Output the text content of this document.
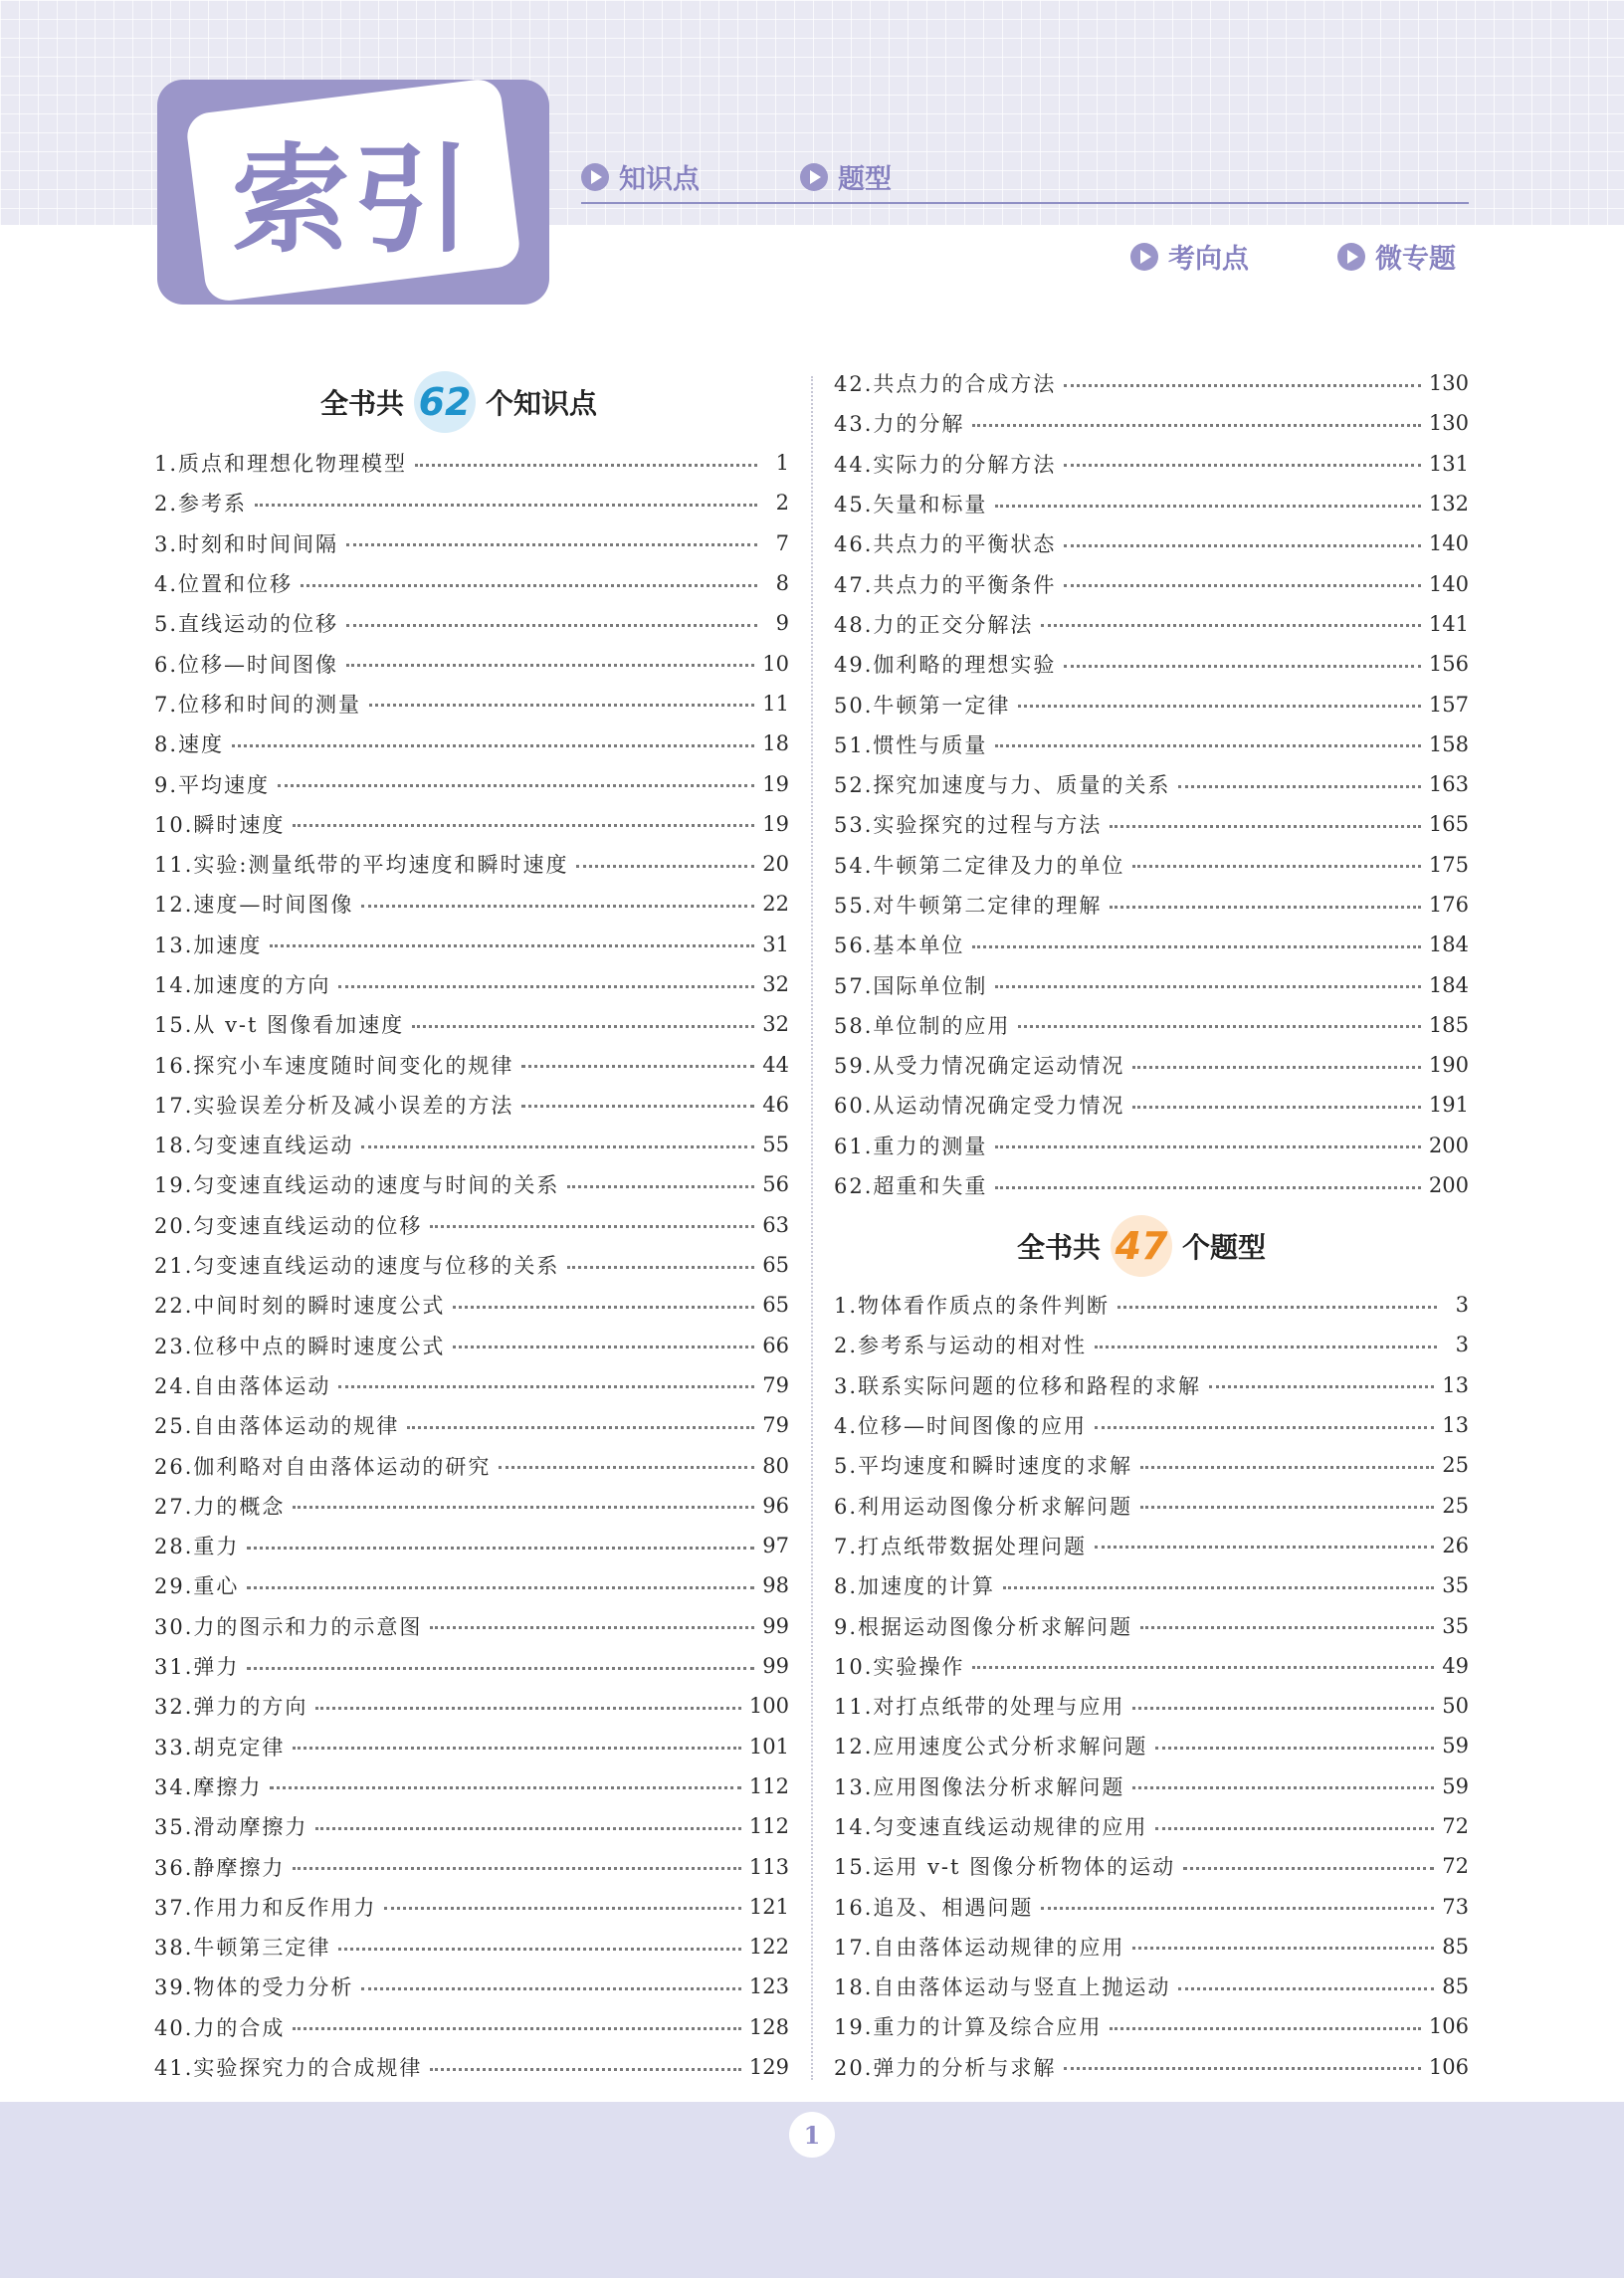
索引	知识点	题型
考向点	微专题
全书共 62 个知识点
全书共 47 个题型
1.质点和理想化物理模型	1
2.参考系	2
3.时刻和时间间隔	7
4.位置和位移	8
5.直线运动的位移	9
6.位移—时间图像	10
7.位移和时间的测量	11
8.速度	18
9.平均速度	19
10.瞬时速度	19
11.实验:测量纸带的平均速度和瞬时速度	20
12.速度—时间图像	22
13.加速度	31
14.加速度的方向	32
15.从 v-t 图像看加速度	32
16.探究小车速度随时间变化的规律	44
17.实验误差分析及减小误差的方法	46
18.匀变速直线运动	55
19.匀变速直线运动的速度与时间的关系	56
20.匀变速直线运动的位移	63
21.匀变速直线运动的速度与位移的关系	65
22.中间时刻的瞬时速度公式	65
23.位移中点的瞬时速度公式	66
24.自由落体运动	79
25.自由落体运动的规律	79
26.伽利略对自由落体运动的研究	80
27.力的概念	96
28.重力	97
29.重心	98
30.力的图示和力的示意图	99
31.弹力	99
32.弹力的方向	100
33.胡克定律	101
34.摩擦力	112
35.滑动摩擦力	112
36.静摩擦力	113
37.作用力和反作用力	121
38.牛顿第三定律	122
39.物体的受力分析	123
40.力的合成	128
41.实验探究力的合成规律	129
42.共点力的合成方法	130
43.力的分解	130
44.实际力的分解方法	131
45.矢量和标量	132
46.共点力的平衡状态	140
47.共点力的平衡条件	140
48.力的正交分解法	141
49.伽利略的理想实验	156
50.牛顿第一定律	157
51.惯性与质量	158
52.探究加速度与力、质量的关系	163
53.实验探究的过程与方法	165
54.牛顿第二定律及力的单位	175
55.对牛顿第二定律的理解	176
56.基本单位	184
57.国际单位制	184
58.单位制的应用	185
59.从受力情况确定运动情况	190
60.从运动情况确定受力情况	191
61.重力的测量	200
62.超重和失重	200
1.物体看作质点的条件判断	3
2.参考系与运动的相对性	3
3.联系实际问题的位移和路程的求解	13
4.位移—时间图像的应用	13
5.平均速度和瞬时速度的求解	25
6.利用运动图像分析求解问题	25
7.打点纸带数据处理问题	26
8.加速度的计算	35
9.根据运动图像分析求解问题	35
10.实验操作	49
11.对打点纸带的处理与应用	50
12.应用速度公式分析求解问题	59
13.应用图像法分析求解问题	59
14.匀变速直线运动规律的应用	72
15.运用 v-t 图像分析物体的运动	72
16.追及、相遇问题	73
17.自由落体运动规律的应用	85
18.自由落体运动与竖直上抛运动	85
19.重力的计算及综合应用	106
20.弹力的分析与求解	106
1
